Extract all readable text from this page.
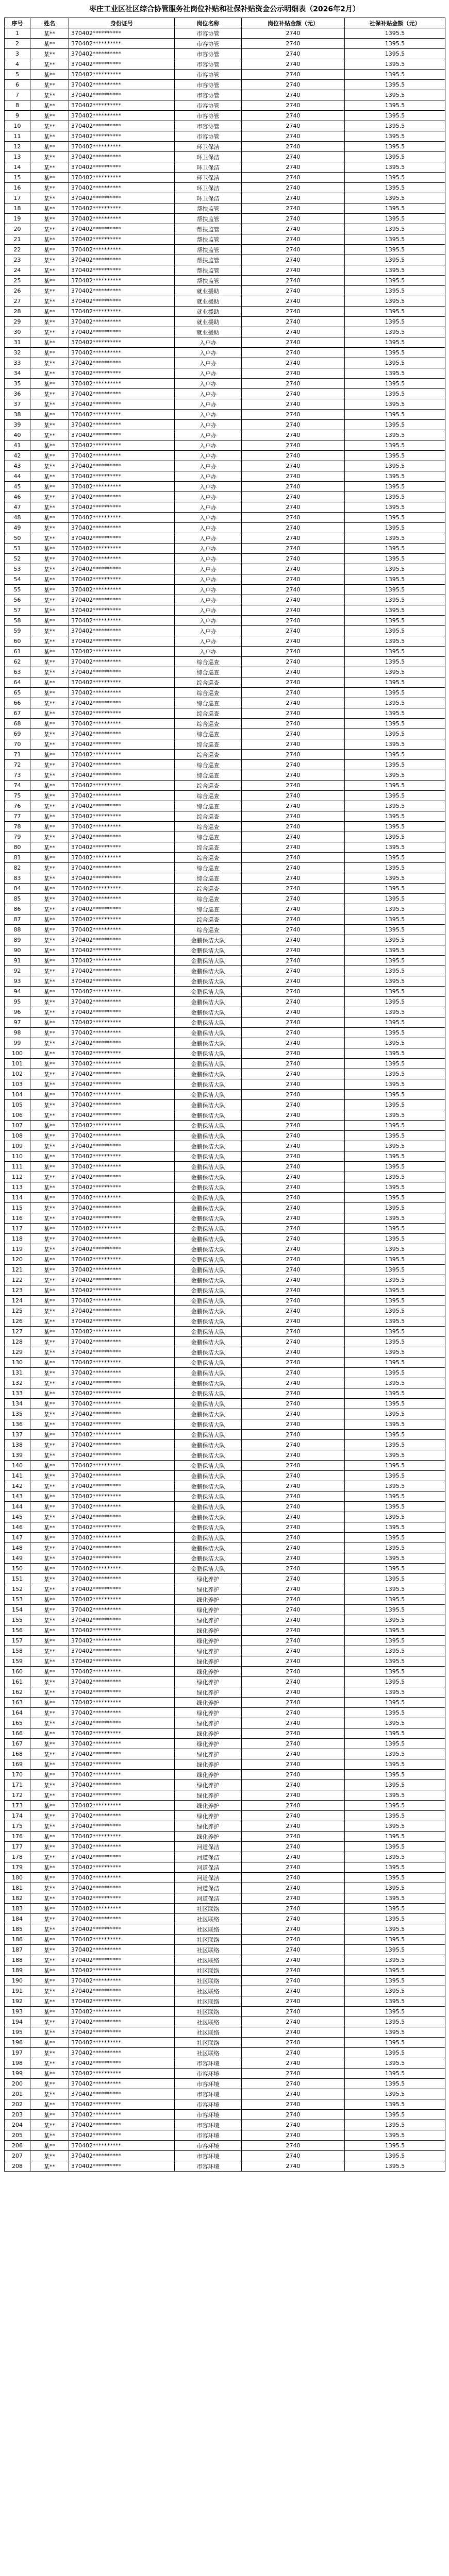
枣庄工业区社区综合协管服务社岗位补贴和社保补贴资金公示明细表（2026年2月）
序号	姓名	身份证号	岗位名称	岗位补贴金额（元）	社保补贴金额（元）
1	某**	370402**********	市容协管	2740	1395.5
2	某**	370402**********	市容协管	2740	1395.5
3	某**	370402**********	市容协管	2740	1395.5
4	某**	370402**********	市容协管	2740	1395.5
5	某**	370402**********	市容协管	2740	1395.5
6	某**	370402**********	市容协管	2740	1395.5
7	某**	370402**********	市容协管	2740	1395.5
8	某**	370402**********	市容协管	2740	1395.5
9	某**	370402**********	市容协管	2740	1395.5
10	某**	370402**********	市容协管	2740	1395.5
11	某**	370402**********	市容协管	2740	1395.5
12	某**	370402**********	环卫保洁	2740	1395.5
13	某**	370402**********	环卫保洁	2740	1395.5
14	某**	370402**********	环卫保洁	2740	1395.5
15	某**	370402**********	环卫保洁	2740	1395.5
16	某**	370402**********	环卫保洁	2740	1395.5
17	某**	370402**********	环卫保洁	2740	1395.5
18	某**	370402**********	帮扶监管	2740	1395.5
19	某**	370402**********	帮扶监管	2740	1395.5
20	某**	370402**********	帮扶监管	2740	1395.5
21	某**	370402**********	帮扶监管	2740	1395.5
22	某**	370402**********	帮扶监管	2740	1395.5
23	某**	370402**********	帮扶监管	2740	1395.5
24	某**	370402**********	帮扶监管	2740	1395.5
25	某**	370402**********	帮扶监管	2740	1395.5
26	某**	370402**********	就业援助	2740	1395.5
27	某**	370402**********	就业援助	2740	1395.5
28	某**	370402**********	就业援助	2740	1395.5
29	某**	370402**********	就业援助	2740	1395.5
30	某**	370402**********	就业援助	2740	1395.5
31	某**	370402**********	入户办	2740	1395.5
32	某**	370402**********	入户办	2740	1395.5
33	某**	370402**********	入户办	2740	1395.5
34	某**	370402**********	入户办	2740	1395.5
35	某**	370402**********	入户办	2740	1395.5
36	某**	370402**********	入户办	2740	1395.5
37	某**	370402**********	入户办	2740	1395.5
38	某**	370402**********	入户办	2740	1395.5
39	某**	370402**********	入户办	2740	1395.5
40	某**	370402**********	入户办	2740	1395.5
41	某**	370402**********	入户办	2740	1395.5
42	某**	370402**********	入户办	2740	1395.5
43	某**	370402**********	入户办	2740	1395.5
44	某**	370402**********	入户办	2740	1395.5
45	某**	370402**********	入户办	2740	1395.5
46	某**	370402**********	入户办	2740	1395.5
47	某**	370402**********	入户办	2740	1395.5
48	某**	370402**********	入户办	2740	1395.5
49	某**	370402**********	入户办	2740	1395.5
50	某**	370402**********	入户办	2740	1395.5
51	某**	370402**********	入户办	2740	1395.5
52	某**	370402**********	入户办	2740	1395.5
53	某**	370402**********	入户办	2740	1395.5
54	某**	370402**********	入户办	2740	1395.5
55	某**	370402**********	入户办	2740	1395.5
56	某**	370402**********	入户办	2740	1395.5
57	某**	370402**********	入户办	2740	1395.5
58	某**	370402**********	入户办	2740	1395.5
59	某**	370402**********	入户办	2740	1395.5
60	某**	370402**********	入户办	2740	1395.5
61	某**	370402**********	入户办	2740	1395.5
62	某**	370402**********	综合巡查	2740	1395.5
63	某**	370402**********	综合巡查	2740	1395.5
64	某**	370402**********	综合巡查	2740	1395.5
65	某**	370402**********	综合巡查	2740	1395.5
66	某**	370402**********	综合巡查	2740	1395.5
67	某**	370402**********	综合巡查	2740	1395.5
68	某**	370402**********	综合巡查	2740	1395.5
69	某**	370402**********	综合巡查	2740	1395.5
70	某**	370402**********	综合巡查	2740	1395.5
71	某**	370402**********	综合巡查	2740	1395.5
72	某**	370402**********	综合巡查	2740	1395.5
73	某**	370402**********	综合巡查	2740	1395.5
74	某**	370402**********	综合巡查	2740	1395.5
75	某**	370402**********	综合巡查	2740	1395.5
76	某**	370402**********	综合巡查	2740	1395.5
77	某**	370402**********	综合巡查	2740	1395.5
78	某**	370402**********	综合巡查	2740	1395.5
79	某**	370402**********	综合巡查	2740	1395.5
80	某**	370402**********	综合巡查	2740	1395.5
81	某**	370402**********	综合巡查	2740	1395.5
82	某**	370402**********	综合巡查	2740	1395.5
83	某**	370402**********	综合巡查	2740	1395.5
84	某**	370402**********	综合巡查	2740	1395.5
85	某**	370402**********	综合巡查	2740	1395.5
86	某**	370402**********	综合巡查	2740	1395.5
87	某**	370402**********	综合巡查	2740	1395.5
88	某**	370402**********	综合巡查	2740	1395.5
89	某**	370402**********	金鹏保洁大队	2740	1395.5
90	某**	370402**********	金鹏保洁大队	2740	1395.5
91	某**	370402**********	金鹏保洁大队	2740	1395.5
92	某**	370402**********	金鹏保洁大队	2740	1395.5
93	某**	370402**********	金鹏保洁大队	2740	1395.5
94	某**	370402**********	金鹏保洁大队	2740	1395.5
95	某**	370402**********	金鹏保洁大队	2740	1395.5
96	某**	370402**********	金鹏保洁大队	2740	1395.5
97	某**	370402**********	金鹏保洁大队	2740	1395.5
98	某**	370402**********	金鹏保洁大队	2740	1395.5
99	某**	370402**********	金鹏保洁大队	2740	1395.5
100	某**	370402**********	金鹏保洁大队	2740	1395.5
101	某**	370402**********	金鹏保洁大队	2740	1395.5
102	某**	370402**********	金鹏保洁大队	2740	1395.5
103	某**	370402**********	金鹏保洁大队	2740	1395.5
104	某**	370402**********	金鹏保洁大队	2740	1395.5
105	某**	370402**********	金鹏保洁大队	2740	1395.5
106	某**	370402**********	金鹏保洁大队	2740	1395.5
107	某**	370402**********	金鹏保洁大队	2740	1395.5
108	某**	370402**********	金鹏保洁大队	2740	1395.5
109	某**	370402**********	金鹏保洁大队	2740	1395.5
110	某**	370402**********	金鹏保洁大队	2740	1395.5
111	某**	370402**********	金鹏保洁大队	2740	1395.5
112	某**	370402**********	金鹏保洁大队	2740	1395.5
113	某**	370402**********	金鹏保洁大队	2740	1395.5
114	某**	370402**********	金鹏保洁大队	2740	1395.5
115	某**	370402**********	金鹏保洁大队	2740	1395.5
116	某**	370402**********	金鹏保洁大队	2740	1395.5
117	某**	370402**********	金鹏保洁大队	2740	1395.5
118	某**	370402**********	金鹏保洁大队	2740	1395.5
119	某**	370402**********	金鹏保洁大队	2740	1395.5
120	某**	370402**********	金鹏保洁大队	2740	1395.5
121	某**	370402**********	金鹏保洁大队	2740	1395.5
122	某**	370402**********	金鹏保洁大队	2740	1395.5
123	某**	370402**********	金鹏保洁大队	2740	1395.5
124	某**	370402**********	金鹏保洁大队	2740	1395.5
125	某**	370402**********	金鹏保洁大队	2740	1395.5
126	某**	370402**********	金鹏保洁大队	2740	1395.5
127	某**	370402**********	金鹏保洁大队	2740	1395.5
128	某**	370402**********	金鹏保洁大队	2740	1395.5
129	某**	370402**********	金鹏保洁大队	2740	1395.5
130	某**	370402**********	金鹏保洁大队	2740	1395.5
131	某**	370402**********	金鹏保洁大队	2740	1395.5
132	某**	370402**********	金鹏保洁大队	2740	1395.5
133	某**	370402**********	金鹏保洁大队	2740	1395.5
134	某**	370402**********	金鹏保洁大队	2740	1395.5
135	某**	370402**********	金鹏保洁大队	2740	1395.5
136	某**	370402**********	金鹏保洁大队	2740	1395.5
137	某**	370402**********	金鹏保洁大队	2740	1395.5
138	某**	370402**********	金鹏保洁大队	2740	1395.5
139	某**	370402**********	金鹏保洁大队	2740	1395.5
140	某**	370402**********	金鹏保洁大队	2740	1395.5
141	某**	370402**********	金鹏保洁大队	2740	1395.5
142	某**	370402**********	金鹏保洁大队	2740	1395.5
143	某**	370402**********	金鹏保洁大队	2740	1395.5
144	某**	370402**********	金鹏保洁大队	2740	1395.5
145	某**	370402**********	金鹏保洁大队	2740	1395.5
146	某**	370402**********	金鹏保洁大队	2740	1395.5
147	某**	370402**********	金鹏保洁大队	2740	1395.5
148	某**	370402**********	金鹏保洁大队	2740	1395.5
149	某**	370402**********	金鹏保洁大队	2740	1395.5
150	某**	370402**********	金鹏保洁大队	2740	1395.5
151	某**	370402**********	绿化养护	2740	1395.5
152	某**	370402**********	绿化养护	2740	1395.5
153	某**	370402**********	绿化养护	2740	1395.5
154	某**	370402**********	绿化养护	2740	1395.5
155	某**	370402**********	绿化养护	2740	1395.5
156	某**	370402**********	绿化养护	2740	1395.5
157	某**	370402**********	绿化养护	2740	1395.5
158	某**	370402**********	绿化养护	2740	1395.5
159	某**	370402**********	绿化养护	2740	1395.5
160	某**	370402**********	绿化养护	2740	1395.5
161	某**	370402**********	绿化养护	2740	1395.5
162	某**	370402**********	绿化养护	2740	1395.5
163	某**	370402**********	绿化养护	2740	1395.5
164	某**	370402**********	绿化养护	2740	1395.5
165	某**	370402**********	绿化养护	2740	1395.5
166	某**	370402**********	绿化养护	2740	1395.5
167	某**	370402**********	绿化养护	2740	1395.5
168	某**	370402**********	绿化养护	2740	1395.5
169	某**	370402**********	绿化养护	2740	1395.5
170	某**	370402**********	绿化养护	2740	1395.5
171	某**	370402**********	绿化养护	2740	1395.5
172	某**	370402**********	绿化养护	2740	1395.5
173	某**	370402**********	绿化养护	2740	1395.5
174	某**	370402**********	绿化养护	2740	1395.5
175	某**	370402**********	绿化养护	2740	1395.5
176	某**	370402**********	绿化养护	2740	1395.5
177	某**	370402**********	河道保洁	2740	1395.5
178	某**	370402**********	河道保洁	2740	1395.5
179	某**	370402**********	河道保洁	2740	1395.5
180	某**	370402**********	河道保洁	2740	1395.5
181	某**	370402**********	河道保洁	2740	1395.5
182	某**	370402**********	河道保洁	2740	1395.5
183	某**	370402**********	社区联络	2740	1395.5
184	某**	370402**********	社区联络	2740	1395.5
185	某**	370402**********	社区联络	2740	1395.5
186	某**	370402**********	社区联络	2740	1395.5
187	某**	370402**********	社区联络	2740	1395.5
188	某**	370402**********	社区联络	2740	1395.5
189	某**	370402**********	社区联络	2740	1395.5
190	某**	370402**********	社区联络	2740	1395.5
191	某**	370402**********	社区联络	2740	1395.5
192	某**	370402**********	社区联络	2740	1395.5
193	某**	370402**********	社区联络	2740	1395.5
194	某**	370402**********	社区联络	2740	1395.5
195	某**	370402**********	社区联络	2740	1395.5
196	某**	370402**********	社区联络	2740	1395.5
197	某**	370402**********	社区联络	2740	1395.5
198	某**	370402**********	市容环境	2740	1395.5
199	某**	370402**********	市容环境	2740	1395.5
200	某**	370402**********	市容环境	2740	1395.5
201	某**	370402**********	市容环境	2740	1395.5
202	某**	370402**********	市容环境	2740	1395.5
203	某**	370402**********	市容环境	2740	1395.5
204	某**	370402**********	市容环境	2740	1395.5
205	某**	370402**********	市容环境	2740	1395.5
206	某**	370402**********	市容环境	2740	1395.5
207	某**	370402**********	市容环境	2740	1395.5
208	某**	370402**********	市容环境	2740	1395.5
